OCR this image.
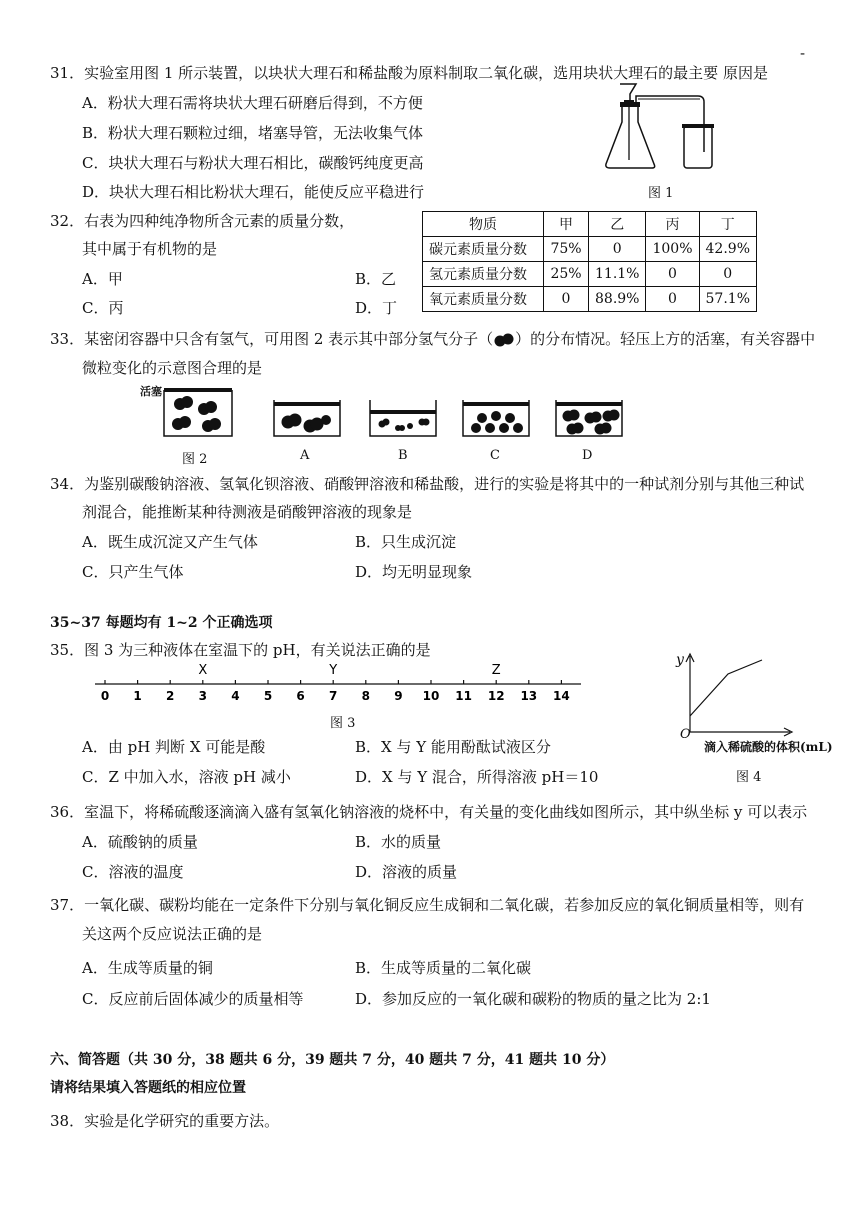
-
31．实验室用图 1 所示装置，以块状大理石和稀盐酸为原料制取二氧化碳，选用块状大理石的最主要 原因是
A．粉状大理石需将块状大理石研磨后得到，不方便
B．粉状大理石颗粒过细，堵塞导管，无法收集气体
C．块状大理石与粉状大理石相比，碳酸钙纯度更高
D．块状大理石相比粉状大理石，能使反应平稳进行	图 1
32．右表为四种纯净物所含元素的质量分数，
其中属于有机物的是
A．甲	B．乙
C．丙	D．丁
物质	甲	乙	丙	丁
碳元素质量分数	75%	0	100%	42.9%
氢元素质量分数	25%	11.1%	0	0
氧元素质量分数	0	88.9%	0	57.1%
33．某密闭容器中只含有氢气，可用图 2 表示其中部分氢气分子（ ）的分布情况。轻压上方的活塞，有关容器中
微粒变化的示意图合理的是
活塞
图 2	A	B	C	D
34．为鉴别碳酸钠溶液、氢氧化钡溶液、硝酸钾溶液和稀盐酸，进行的实验是将其中的一种试剂分别与其他三种试
剂混合，能推断某种待测液是硝酸钾溶液的现象是
A．既生成沉淀又产生气体	B．只生成沉淀
C．只产生气体	D．均无明显现象
35~37 每题均有 1~2 个正确选项
35．图 3 为三种液体在室温下的 pH，有关说法正确的是
0 1 2 3 4 5 6 7 8 9 10 11 12 13 14
X	Y	Z
图 3
A．由 pH 判断 X 可能是酸	B．X 与 Y 能用酚酞试液区分
C．Z 中加入水，溶液 pH 减小	D．X 与 Y 混合，所得溶液 pH＝10
y
O
滴入稀硫酸的体积(mL)
图 4
36．室温下，将稀硫酸逐滴滴入盛有氢氧化钠溶液的烧杯中，有关量的变化曲线如图所示，其中纵坐标 y 可以表示
A．硫酸钠的质量	B．水的质量
C．溶液的温度	D．溶液的质量
37．一氧化碳、碳粉均能在一定条件下分别与氧化铜反应生成铜和二氧化碳，若参加反应的氧化铜质量相等，则有
关这两个反应说法正确的是
A．生成等质量的铜	B．生成等质量的二氧化碳
C．反应前后固体减少的质量相等	D．参加反应的一氧化碳和碳粉的物质的量之比为 2:1
六、简答题（共 30 分，38 题共 6 分，39 题共 7 分，40 题共 7 分，41 题共 10 分）
请将结果填入答题纸的相应位置
38．实验是化学研究的重要方法。
